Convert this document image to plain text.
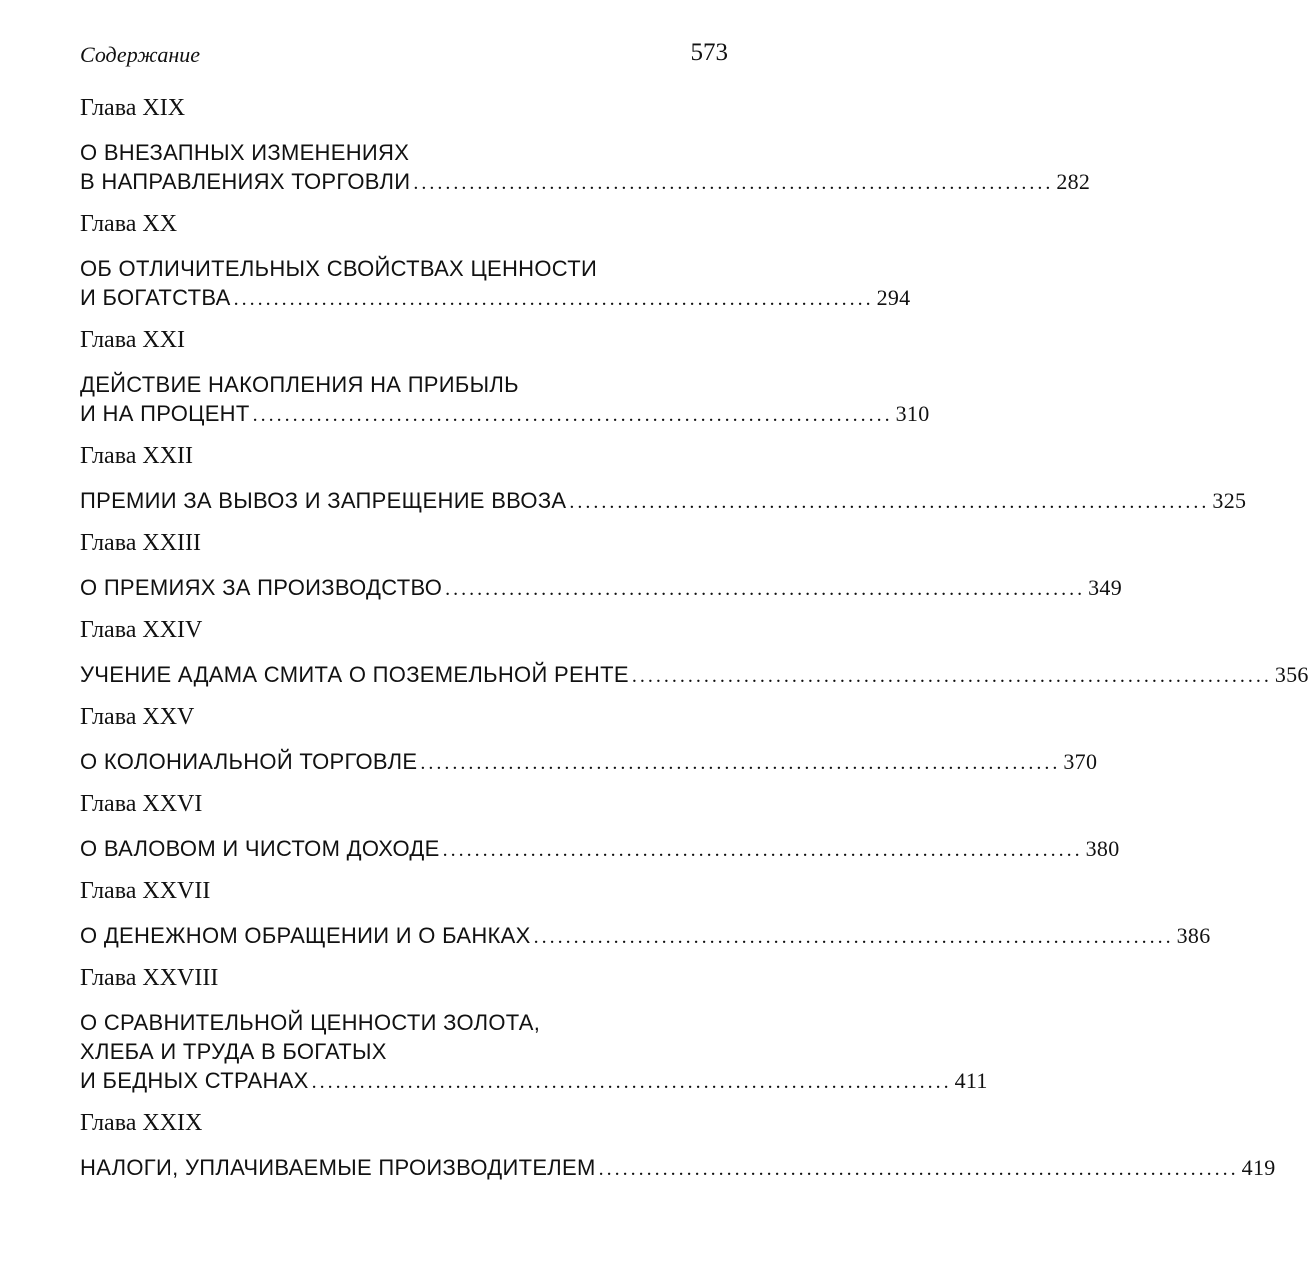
Содержание	573
Глава XIX
О ВНЕЗАПНЫХ ИЗМЕНЕНИЯХ
В НАПРАВЛЕНИЯХ ТОРГОВЛИ ................................................................................ 282
Глава XX
ОБ ОТЛИЧИТЕЛЬНЫХ СВОЙСТВАХ ЦЕННОСТИ
И БОГАТСТВА ................................................................................ 294
Глава XXI
ДЕЙСТВИЕ НАКОПЛЕНИЯ НА ПРИБЫЛЬ
И НА ПРОЦЕНТ ................................................................................ 310
Глава XXII
ПРЕМИИ ЗА ВЫВОЗ И ЗАПРЕЩЕНИЕ ВВОЗА ................................................................................ 325
Глава XXIII
О ПРЕМИЯХ ЗА ПРОИЗВОДСТВО ................................................................................ 349
Глава XXIV
УЧЕНИЕ АДАМА СМИТА О ПОЗЕМЕЛЬНОЙ РЕНТЕ ................................................................................ 356
Глава XXV
О КОЛОНИАЛЬНОЙ ТОРГОВЛЕ ................................................................................ 370
Глава XXVI
О ВАЛОВОМ И ЧИСТОМ ДОХОДЕ ................................................................................ 380
Глава XXVII
О ДЕНЕЖНОМ ОБРАЩЕНИИ И О БАНКАХ ................................................................................ 386
Глава XXVIII
О СРАВНИТЕЛЬНОЙ ЦЕННОСТИ ЗОЛОТА,
ХЛЕБА И ТРУДА В БОГАТЫХ
И БЕДНЫХ СТРАНАХ ................................................................................ 411
Глава XXIX
НАЛОГИ, УПЛАЧИВАЕМЫЕ ПРОИЗВОДИТЕЛЕМ ................................................................................ 419
